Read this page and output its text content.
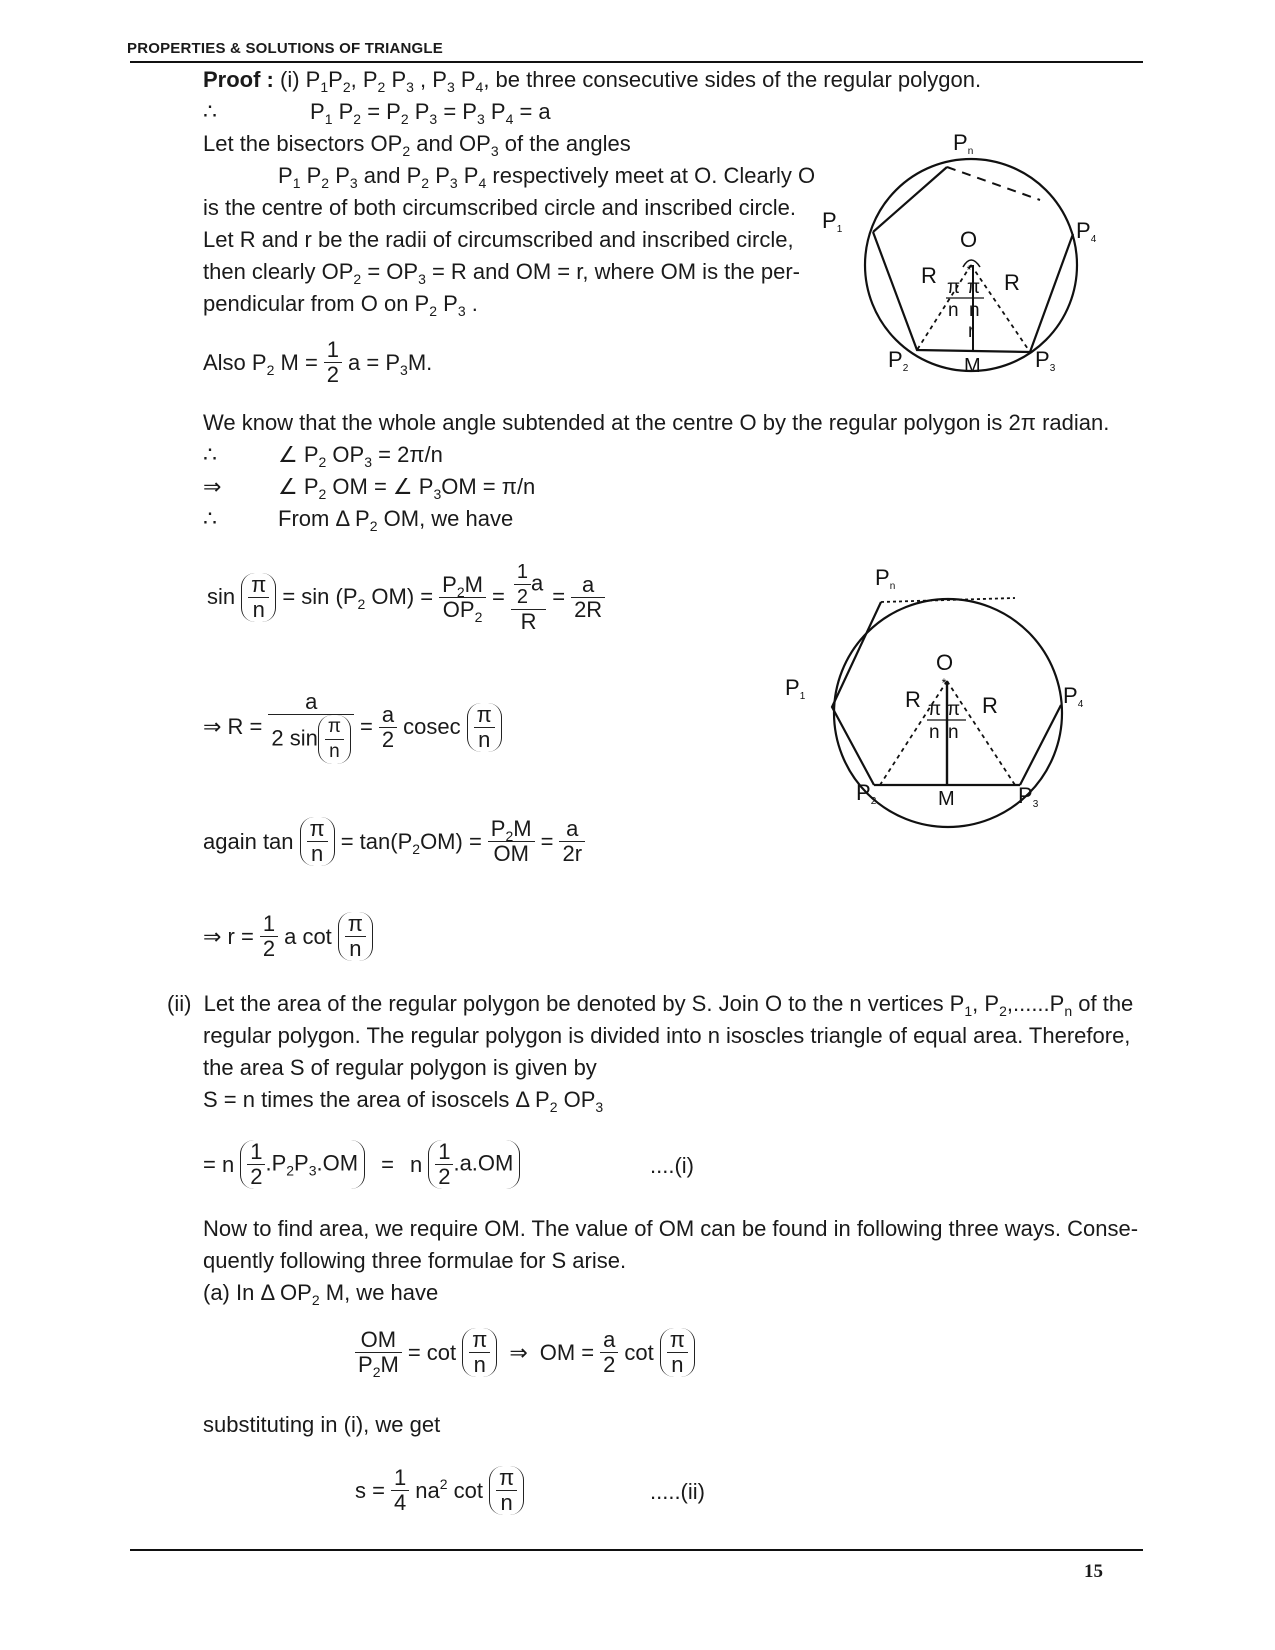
PROPERTIES & SOLUTIONS OF TRIANGLE
Proof : (i) $P_1P_2$, $P_2$ $P_3$ , $P_3$ $P_4$, be three consecutive sides of the regular polygon.
∴	$P_1$ $P_2 = P_2$ $P_3 = P_3$ $P_4 = a$
Let the bisectors $OP_2$ and $OP_3$ of the angles
$P_1$ $P_2$ $P_3$ and $P_2$ $P_3$ $P_4$ respectively meet at O. Clearly O
is the centre of both circumscribed circle and inscribed circle.
Let R and r be the radii of circumscribed and inscribed circle,
then clearly $OP_2 = OP_3 = R$ and OM = r, where OM is the per-
pendicular from O on $P_2$ $P_3$ .
Also $P_2$ $M = \frac{1}{2}$ $a = P_3M$.
We know that the whole angle subtended at the centre O by the regular polygon is 2π radian.
∴	∠ $P_2$ $OP_3 = 2\pi/n$
⇒	∠ $P_2$ OM = ∠ $P_3OM = \pi/n$
∴	From Δ $P_2$ OM, we have
$\sin \frac{\pi}{n} = \sin (P_2$ $OM) = \frac{P_2M}{OP_2} = \frac{\frac{1}{2} a}{R} = \frac{a}{2R}$
⇒ $R = \frac{a}{2 \sin \frac{\pi}{n}} = \frac{a}{2}$ cosec $\frac{\pi}{n}$
again $\tan \frac{\pi}{n} = \tan(P_2OM) = \frac{P_2M}{OM} = \frac{a}{2r}$
⇒ $r = \frac{1}{2}$ a $\cot \frac{\pi}{n}$
(ii)  Let the area of the regular polygon be denoted by S. Join O to the n vertices $P_1$, $P_2,......P_n$ of the
regular polygon. The regular polygon is divided into n isoscles triangle of equal area. Therefore,
the area S of regular polygon is given by
S = n times the area of isoscels Δ $P_2$ $OP_3$
= n $\frac{1}{2} .P_2P_3.OM$	= n $\frac{1}{2} .a.OM$	....(i)
Now to find area, we require OM. The value of OM can be found in following three ways. Conse-
quently following three formulae for S arise.
(a) In Δ $OP_2$ M, we have
$\frac{OM}{P_2M} = \cot \frac{\pi}{n}$ ⇒ OM = $\frac{a}{2}$ $\cot \frac{\pi}{n}$
substituting in (i), we get
$s = \frac{1}{4} na^2$ $\cot \frac{\pi}{n}$	.....(ii)
*
Pn
P1	P4
O
R	R
π π
n n
r
P2	M P3
*
Pn
O
P1	P4
R	R
π π
n n
P2	M	P3
15
